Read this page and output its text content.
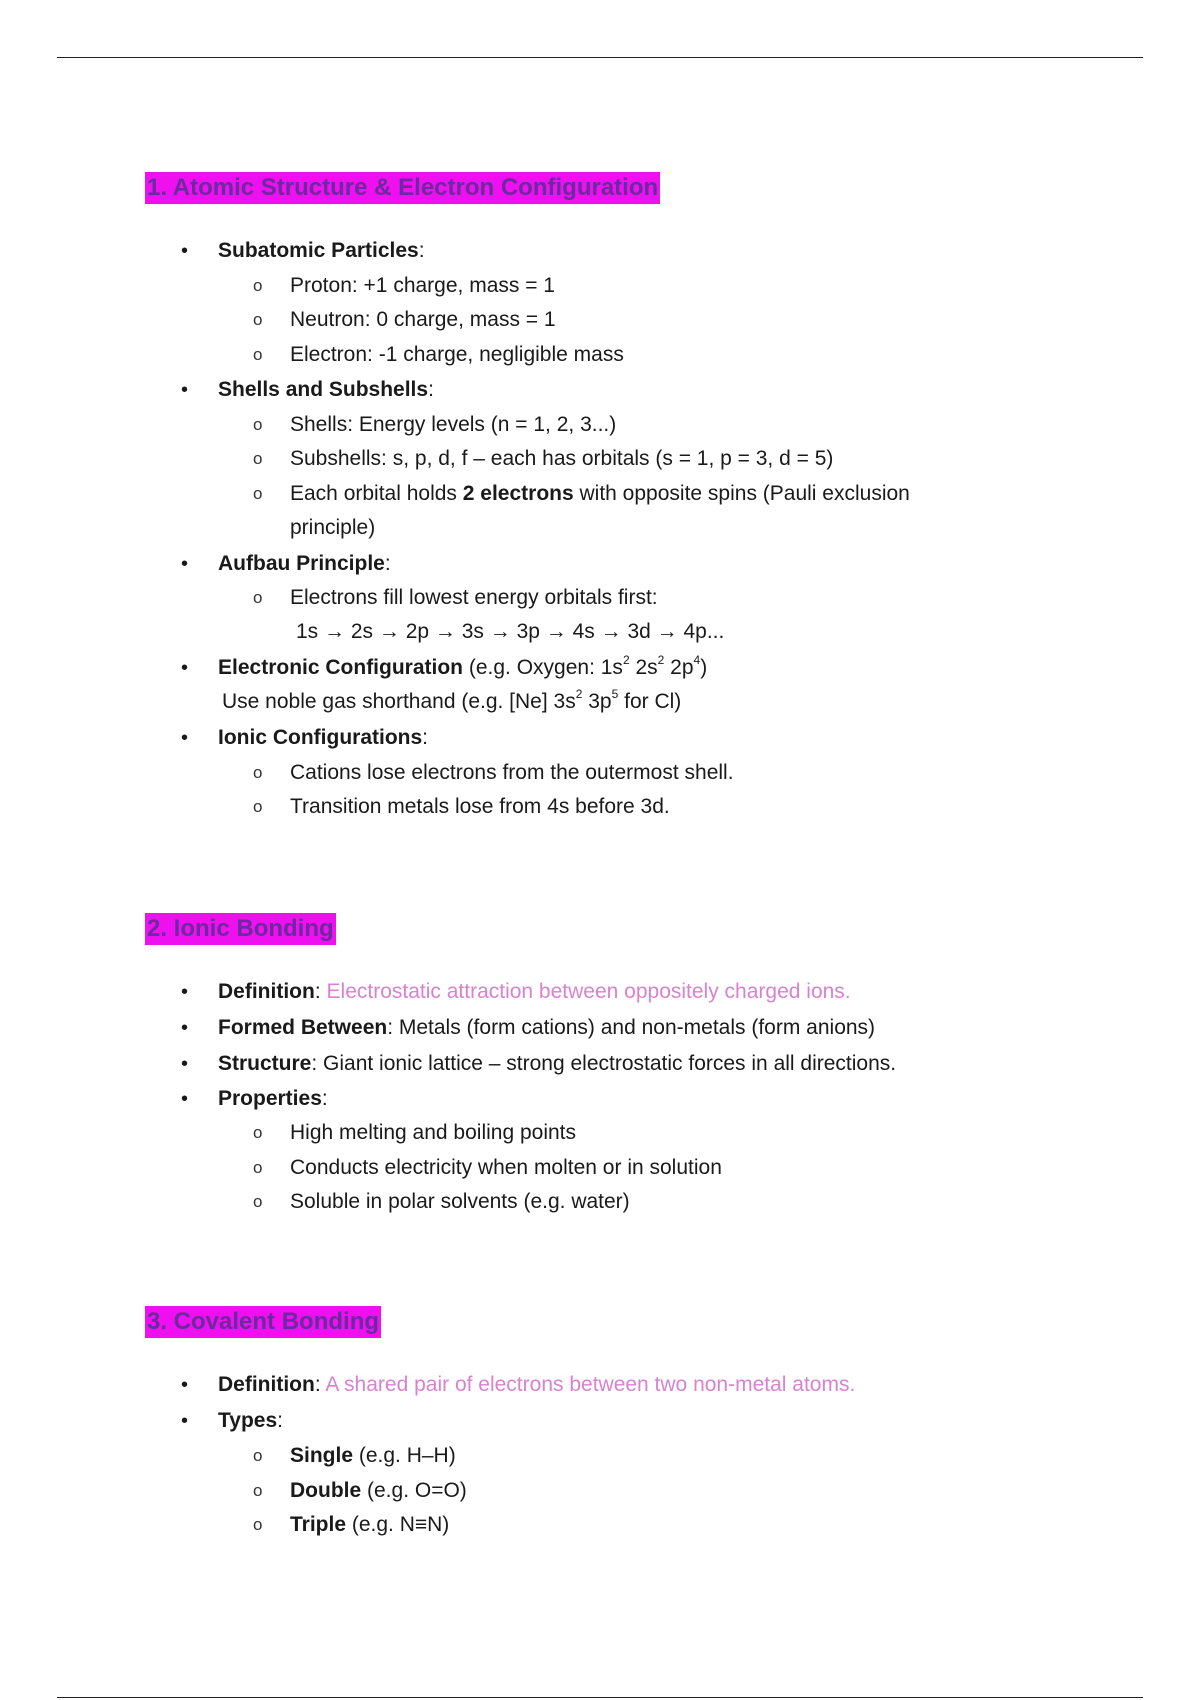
1. Atomic Structure & Electron Configuration
• Subatomic Particles:
o Proton: +1 charge, mass = 1
o Neutron: 0 charge, mass = 1
o Electron: -1 charge, negligible mass
• Shells and Subshells:
o Shells: Energy levels (n = 1, 2, 3...)
o Subshells: s, p, d, f – each has orbitals (s = 1, p = 3, d = 5)
o Each orbital holds 2 electrons with opposite spins (Pauli exclusion
principle)
• Aufbau Principle:
o Electrons fill lowest energy orbitals first:
1s → 2s → 2p → 3s → 3p → 4s → 3d → 4p...
• Electronic Configuration (e.g. Oxygen: $1s^2$ $2s^2$ $2p^4$)
Use noble gas shorthand (e.g. [Ne] $3s^2$ $3p^5$ for Cl)
• Ionic Configurations:
o Cations lose electrons from the outermost shell.
o Transition metals lose from 4s before 3d.
2. Ionic Bonding
• Definition: Electrostatic attraction between oppositely charged ions.
• Formed Between: Metals (form cations) and non-metals (form anions)
• Structure: Giant ionic lattice – strong electrostatic forces in all directions.
• Properties:
o High melting and boiling points
o Conducts electricity when molten or in solution
o Soluble in polar solvents (e.g. water)
3. Covalent Bonding
• Definition: A shared pair of electrons between two non-metal atoms.
• Types:
o Single (e.g. H–H)
o Double (e.g. O=O)
o Triple (e.g. N≡N)
